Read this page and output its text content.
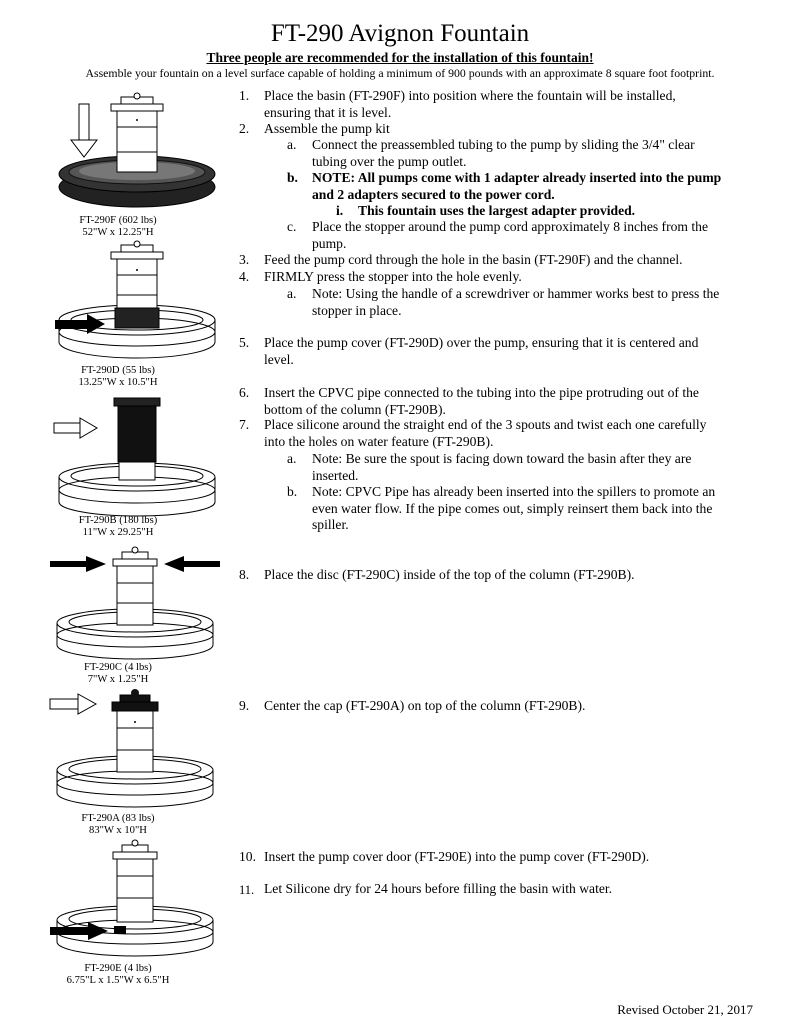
FT-290 Avignon Fountain
Three people are recommended for the installation of this fountain!
Assemble your fountain on a level surface capable of holding a minimum of 900 pounds with an approximate 8 square foot footprint.
FT-290F (602 lbs)
52"W x 12.25"H
FT-290D (55 lbs)
13.25"W x 10.5"H
FT-290B (180 lbs)
11"W x 29.25"H
FT-290C (4 lbs)
7"W x 1.25"H
FT-290A (83 lbs)
83"W x 10"H
FT-290E (4 lbs)
6.75"L x 1.5"W x 6.5"H
1. Place the basin (FT-290F) into position where the fountain will be installed,
ensuring that it is level.
2. Assemble the pump kit
a. Connect the preassembled tubing to the pump by sliding the 3/4" clear
tubing over the pump outlet.
b. NOTE: All pumps come with 1 adapter already inserted into the pump
and 2 adapters secured to the power cord.
i. This fountain uses the largest adapter provided.
c. Place the stopper around the pump cord approximately 8 inches from the
pump.
3. Feed the pump cord through the hole in the basin (FT-290F) and the channel.
4. FIRMLY press the stopper into the hole evenly.
a. Note: Using the handle of a screwdriver or hammer works best to press the
stopper in place.
5. Place the pump cover (FT-290D) over the pump, ensuring that it is centered and
level.
6. Insert the CPVC pipe connected to the tubing into the pipe protruding out of the
bottom of the column (FT-290B).
7. Place silicone around the straight end of the 3 spouts and twist each one carefully
into the holes on water feature (FT-290B).
a. Note: Be sure the spout is facing down toward the basin after they are
inserted.
b. Note: CPVC Pipe has already been inserted into the spillers to promote an
even water flow. If the pipe comes out, simply reinsert them back into the
spiller.
8. Place the disc (FT-290C) inside of the top of the column (FT-290B).
9. Center the cap (FT-290A) on top of the column (FT-290B).
10. Insert the pump cover door (FT-290E) into the pump cover (FT-290D).
11. Let Silicone dry for 24 hours before filling the basin with water.
Revised October 21, 2017
